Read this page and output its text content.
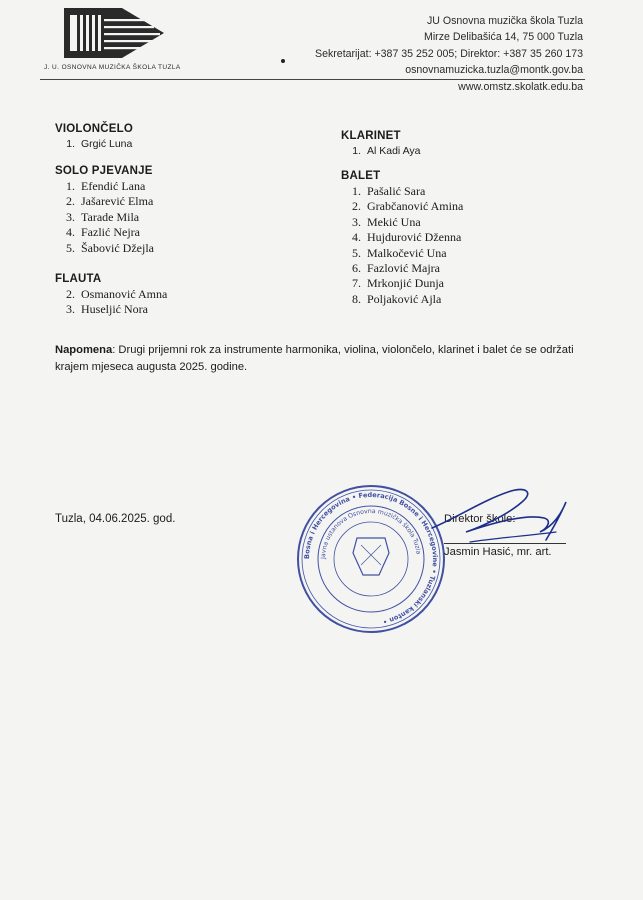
J. U. OSNOVNA MUZIČKA ŠKOLA TUZLA
JU Osnovna muzička škola Tuzla
Mirze Delibašića 14, 75 000 Tuzla
Sekretarijat: +387 35 252 005; Direktor: +387 35 260 173
osnovnamuzicka.tuzla@montk.gov.ba
www.omstz.skolatk.edu.ba
VIOLONČELO
1. Grgić Luna
SOLO PJEVANJE
1. Efendić Lana
2. Jašarević Elma
3. Tarade Mila
4. Fazlić Nejra
5. Šabović Džejla
FLAUTA
2. Osmanović Amna
3. Huseljić Nora
KLARINET
1. Al Kadi Aya
BALET
1. Pašalić Sara
2. Grabčanović Amina
3. Mekić Una
4. Hujdurović Dženna
5. Malkočević Una
6. Fazlović Majra
7. Mrkonjić Dunja
8. Poljaković Ajla
Napomena: Drugi prijemni rok za instrumente harmonika, violina, violončelo, klarinet i balet će se održati krajem mjeseca augusta 2025. godine.
Tuzla, 04.06.2025. god.
Bosna i Hercegovina • Federacija Bosne i Hercegovine • Tuzlanski kanton •
Javna ustanova Osnovna muzička škola Tuzla
Direktor škole:
Jasmin Hasić, mr. art.
